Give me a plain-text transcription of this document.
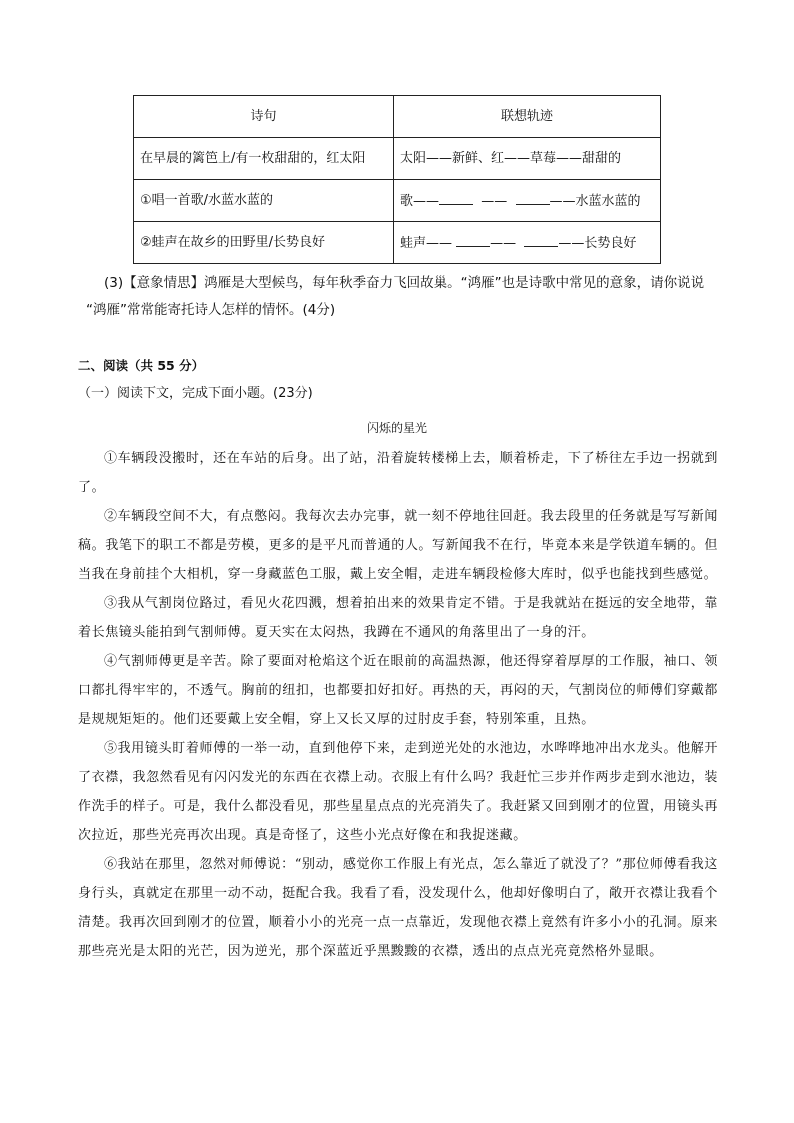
诗句	联想轨迹
在早晨的篱笆上/有一枚甜甜的，红太阳	太阳——新鲜、红——草莓——甜甜的
①唱一首歌/水蓝水蓝的	歌—— —— ——水蓝水蓝的
②蛙声在故乡的田野里/长势良好	蛙声—— —— ——长势良好

(3)【意象情思】鸿雁是大型候鸟，每年秋季奋力飞回故巢。“鸿雁”也是诗歌中常见的意象，请你说说

“鸿雁”常常能寄托诗人怎样的情怀。(4分)

二、阅读（共 55 分）
（一）阅读下文，完成下面小题。(23分)
闪烁的星光

①车辆段没搬时，还在车站的后身。出了站，沿着旋转楼梯上去，顺着桥走，下了桥往左手边一拐就到了。

②车辆段空间不大，有点憋闷。我每次去办完事，就一刻不停地往回赶。我去段里的任务就是写写新闻稿。我笔下的职工不都是劳模，更多的是平凡而普通的人。写新闻我不在行，毕竟本来是学铁道车辆的。但当我在身前挂个大相机，穿一身藏蓝色工服，戴上安全帽，走进车辆段检修大库时，似乎也能找到些感觉。

③我从气割岗位路过，看见火花四溅，想着拍出来的效果肯定不错。于是我就站在挺远的安全地带，靠着长焦镜头能拍到气割师傅。夏天实在太闷热，我蹲在不通风的角落里出了一身的汗。

④气割师傅更是辛苦。除了要面对枪焰这个近在眼前的高温热源，他还得穿着厚厚的工作服，袖口、领口都扎得牢牢的，不透气。胸前的纽扣，也都要扣好扣好。再热的天，再闷的天，气割岗位的师傅们穿戴都是规规矩矩的。他们还要戴上安全帽，穿上又长又厚的过肘皮手套，特别笨重，且热。

⑤我用镜头盯着师傅的一举一动，直到他停下来，走到逆光处的水池边，水哗哗地冲出水龙头。他解开了衣襟，我忽然看见有闪闪发光的东西在衣襟上动。衣服上有什么吗？我赶忙三步并作两步走到水池边，装作洗手的样子。可是，我什么都没看见，那些星星点点的光亮消失了。我赶紧又回到刚才的位置，用镜头再次拉近，那些光亮再次出现。真是奇怪了，这些小光点好像在和我捉迷藏。

⑥我站在那里，忽然对师傅说：“别动，感觉你工作服上有光点，怎么靠近了就没了？”那位师傅看我这身行头，真就定在那里一动不动，挺配合我。我看了看，没发现什么，他却好像明白了，敞开衣襟让我看个清楚。我再次回到刚才的位置，顺着小小的光亮一点一点靠近，发现他衣襟上竟然有许多小小的孔洞。原来那些亮光是太阳的光芒，因为逆光，那个深蓝近乎黑黢黢的衣襟，透出的点点光亮竟然格外显眼。
